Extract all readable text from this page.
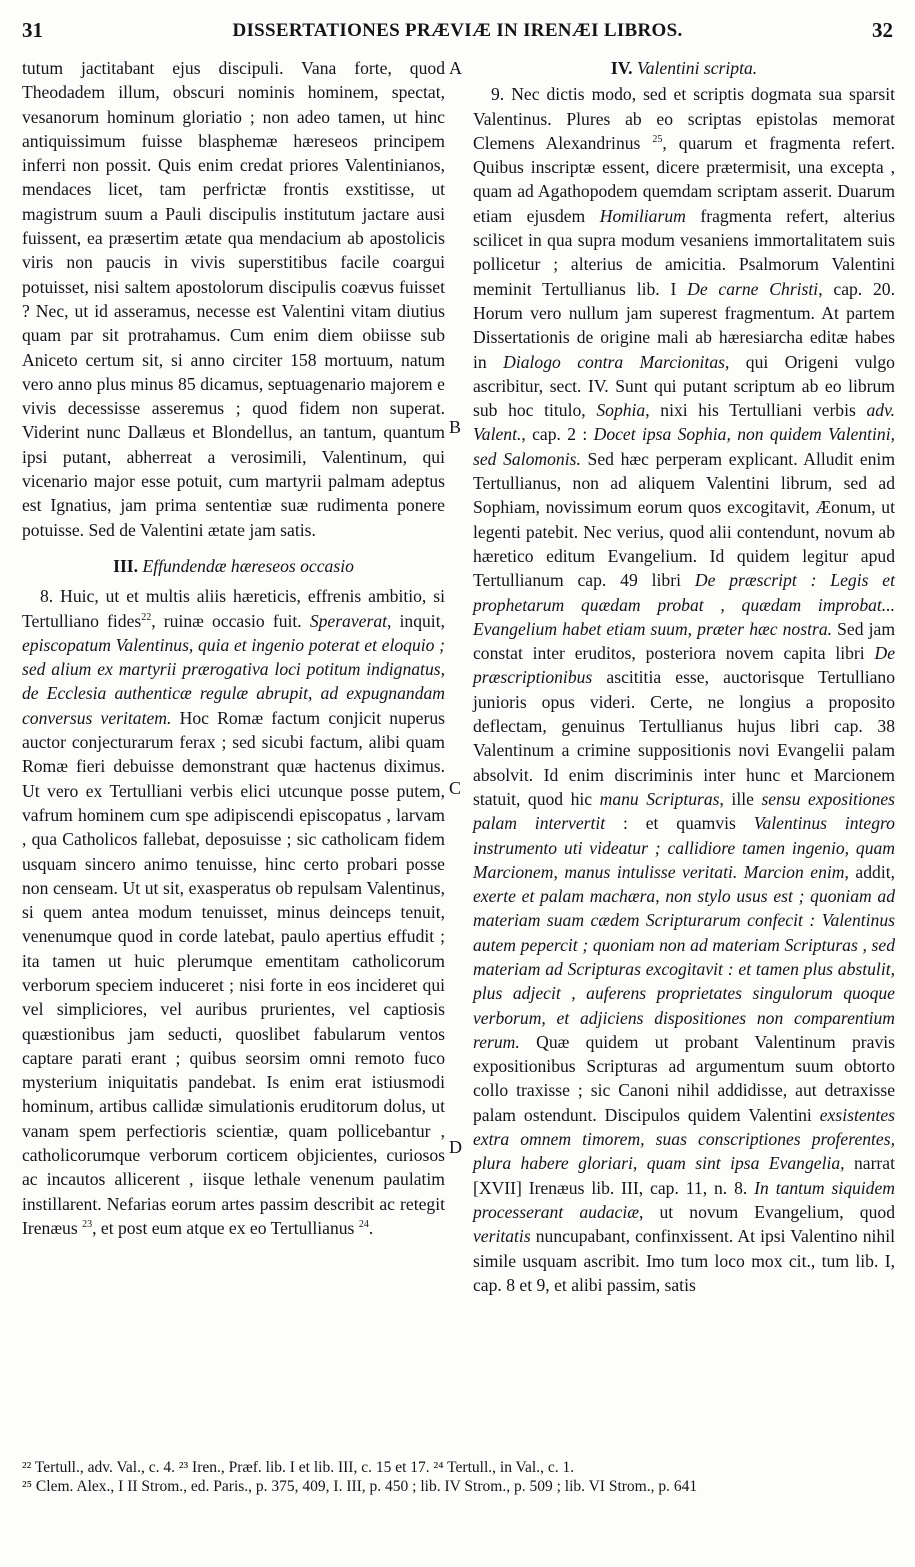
31	DISSERTATIONES PRÆVIÆ IN IRENÆI LIBROS.	32
A
B
C
D

tutum jactitabant ejus discipuli. Vana forte, quod Theodadem illum, obscuri nominis hominem, spectat, vesanorum hominum gloriatio ; non adeo tamen, ut hinc antiquissimum fuisse blasphemæ hæreseos principem inferri non possit. Quis enim credat priores Valentinianos, mendaces licet, tam perfrictæ frontis exstitisse, ut magistrum suum a Pauli discipulis institutum jactare ausi fuissent, ea præsertim ætate qua mendacium ab apostolicis viris non paucis in vivis superstitibus facile coargui potuisset, nisi saltem apostolorum discipulis coævus fuisset ? Nec, ut id asseramus, necesse est Valentini vitam diutius quam par sit protrahamus. Cum enim diem obiisse sub Aniceto certum sit, si anno circiter 158 mortuum, natum vero anno plus minus 85 dicamus, septuagenario majorem e vivis decessisse asseremus ; quod fidem non superat. Viderint nunc Dallæus et Blondellus, an tantum, quantum ipsi putant, abherreat a verosimili, Valentinum, qui vicenario major esse potuit, cum martyrii palmam adeptus est Ignatius, jam prima sententiæ suæ rudimenta ponere potuisse. Sed de Valentini ætate jam satis.

III. Effundendæ hæreseos occasio

8. Huic, ut et multis aliis hæreticis, effrenis ambitio, si Tertulliano fides$^{22}$, ruinæ occasio fuit. Speraverat, inquit, episcopatum Valentinus, quia et ingenio poterat et eloquio ; sed alium ex martyrii prærogativa loci potitum indignatus, de Ecclesia authenticæ regulæ abrupit, ad expugnandam conversus veritatem. Hoc Romæ factum conjicit nuperus auctor conjecturarum ferax ; sed sicubi factum, alibi quam Romæ fieri debuisse demonstrant quæ hactenus diximus. Ut vero ex Tertulliani verbis elici utcunque posse putem, vafrum hominem cum spe adipiscendi episcopatus , larvam , qua Catholicos fallebat, deposuisse ; sic catholicam fidem usquam sincero animo tenuisse, hinc certo probari posse non censeam. Ut ut sit, exasperatus ob repulsam Valentinus, si quem antea modum tenuisset, minus deinceps tenuit, venenumque quod in corde latebat, paulo apertius effudit ; ita tamen ut huic plerumque ementitam catholicorum verborum speciem induceret ; nisi forte in eos incideret qui vel simpliciores, vel auribus prurientes, vel captiosis quæstionibus jam seducti, quoslibet fabularum ventos captare parati erant ; quibus seorsim omni remoto fuco mysterium iniquitatis pandebat. Is enim erat istiusmodi hominum, artibus callidæ simulationis eruditorum dolus, ut vanam spem perfectioris scientiæ, quam pollicebantur , catholicorumque verborum corticem objicientes, curiosos ac incautos allicerent , iisque lethale venenum paulatim instillarent. Nefarias eorum artes passim describit ac retegit Irenæus $^{23}$, et post eum atque ex eo Tertullianus $^{24}$.

IV. Valentini scripta.

9. Nec dictis modo, sed et scriptis dogmata sua sparsit Valentinus. Plures ab eo scriptas epistolas memorat Clemens Alexandrinus $^{25}$, quarum et fragmenta refert. Quibus inscriptæ essent, dicere prætermisit, una excepta , quam ad Agathopodem quemdam scriptam asserit. Duarum etiam ejusdem Homiliarum fragmenta refert, alterius scilicet in qua supra modum vesaniens immortalitatem suis pollicetur ; alterius de amicitia. Psalmorum Valentini meminit Tertullianus lib. I De carne Christi, cap. 20. Horum vero nullum jam superest fragmentum. At partem Dissertationis de origine mali ab hæresiarcha editæ habes in Dialogo contra Marcionitas, qui Origeni vulgo ascribitur, sect. IV. Sunt qui putant scriptum ab eo librum sub hoc titulo, Sophia, nixi his Tertulliani verbis adv. Valent., cap. 2 : Docet ipsa Sophia, non quidem Valentini, sed Salomonis. Sed hæc perperam explicant. Alludit enim Tertullianus, non ad aliquem Valentini librum, sed ad Sophiam, novissimum eorum quos excogitavit, Æonum, ut legenti patebit. Nec verius, quod alii contendunt, novum ab hæretico editum Evangelium. Id quidem legitur apud Tertullianum cap. 49 libri De præscript : Legis et prophetarum quædam probat , quædam improbat... Evangelium habet etiam suum, præter hæc nostra. Sed jam constat inter eruditos, posteriora novem capita libri De præscriptionibus ascititia esse, auctorisque Tertulliano junioris opus videri. Certe, ne longius a proposito deflectam, genuinus Tertullianus hujus libri cap. 38 Valentinum a crimine suppositionis novi Evangelii palam absolvit. Id enim discriminis inter hunc et Marcionem statuit, quod hic manu Scripturas, ille sensu expositiones palam intervertit : et quamvis Valentinus integro instrumento uti videatur ; callidiore tamen ingenio, quam Marcionem, manus intulisse veritati. Marcion enim, addit, exerte et palam machæra, non stylo usus est ; quoniam ad materiam suam cædem Scripturarum confecit : Valentinus autem pepercit ; quoniam non ad materiam Scripturas , sed materiam ad Scripturas excogitavit : et tamen plus abstulit, plus adjecit , auferens proprietates singulorum quoque verborum, et adjiciens dispositiones non comparentium rerum. Quæ quidem ut probant Valentinum pravis expositionibus Scripturas ad argumentum suum obtorto collo traxisse ; sic Canoni nihil addidisse, aut detraxisse palam ostendunt. Discipulos quidem Valentini exsistentes extra omnem timorem, suas conscriptiones proferentes, plura habere gloriari, quam sint ipsa Evangelia, narrat [XVII] Irenæus lib. III, cap. 11, n. 8. In tantum siquidem processerant audaciæ, ut novum Evangelium, quod veritatis nuncupabant, confinxissent. At ipsi Valentino nihil simile usquam ascribit. Imo tum loco mox cit., tum lib. I, cap. 8 et 9, et alibi passim, satis

²² Tertull., adv. Val., c. 4. ²³ Iren., Præf. lib. I et lib. III, c. 15 et 17. ²⁴ Tertull., in Val., c. 1.

²⁵ Clem. Alex., I II Strom., ed. Paris., p. 375, 409, I. III, p. 450 ; lib. IV Strom., p. 509 ; lib. VI Strom., p. 641
